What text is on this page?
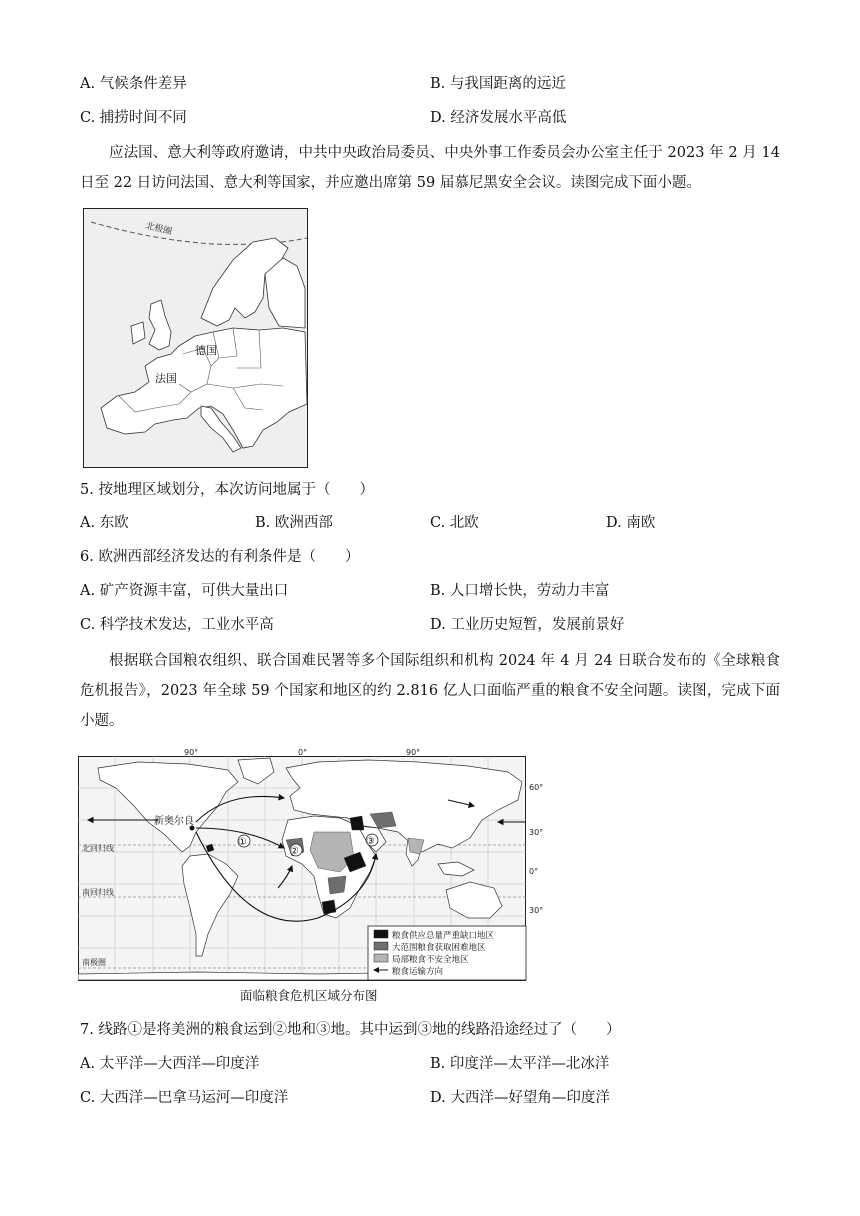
A. 气候条件差异	B. 与我国距离的远近
C. 捕捞时间不同	D. 经济发展水平高低
应法国、意大利等政府邀请，中共中央政治局委员、中央外事工作委员会办公室主任于 2023 年 2 月 14 日至 22 日访问法国、意大利等国家，并应邀出席第 59 届慕尼黑安全会议。读图完成下面小题。
北极圈
德国
法国
5. 按地理区域划分，本次访问地属于（　　）
A. 东欧	B. 欧洲西部	C. 北欧	D. 南欧
6. 欧洲西部经济发达的有利条件是（　　）
A. 矿产资源丰富，可供大量出口	B. 人口增长快，劳动力丰富
C. 科学技术发达，工业水平高	D. 工业历史短暂，发展前景好
根据联合国粮农组织、联合国难民署等多个国际组织和机构 2024 年 4 月 24 日联合发布的《全球粮食危机报告》，2023 年全球 59 个国家和地区的约 2.816 亿人口面临严重的粮食不安全问题。读图，完成下面小题。
90°	0°	90°
60°
30°
0°
30°
北回归线
南回归线
南极圈
新奥尔良
①
②
③
粮食供应总量严重缺口地区
大范围粮食获取困难地区
局部粮食不安全地区
粮食运输方向
面临粮食危机区域分布图
7. 线路①是将美洲的粮食运到②地和③地。其中运到③地的线路沿途经过了（　　）
A. 太平洋—大西洋—印度洋	B. 印度洋—太平洋—北冰洋
C. 大西洋—巴拿马运河—印度洋	D. 大西洋—好望角—印度洋
